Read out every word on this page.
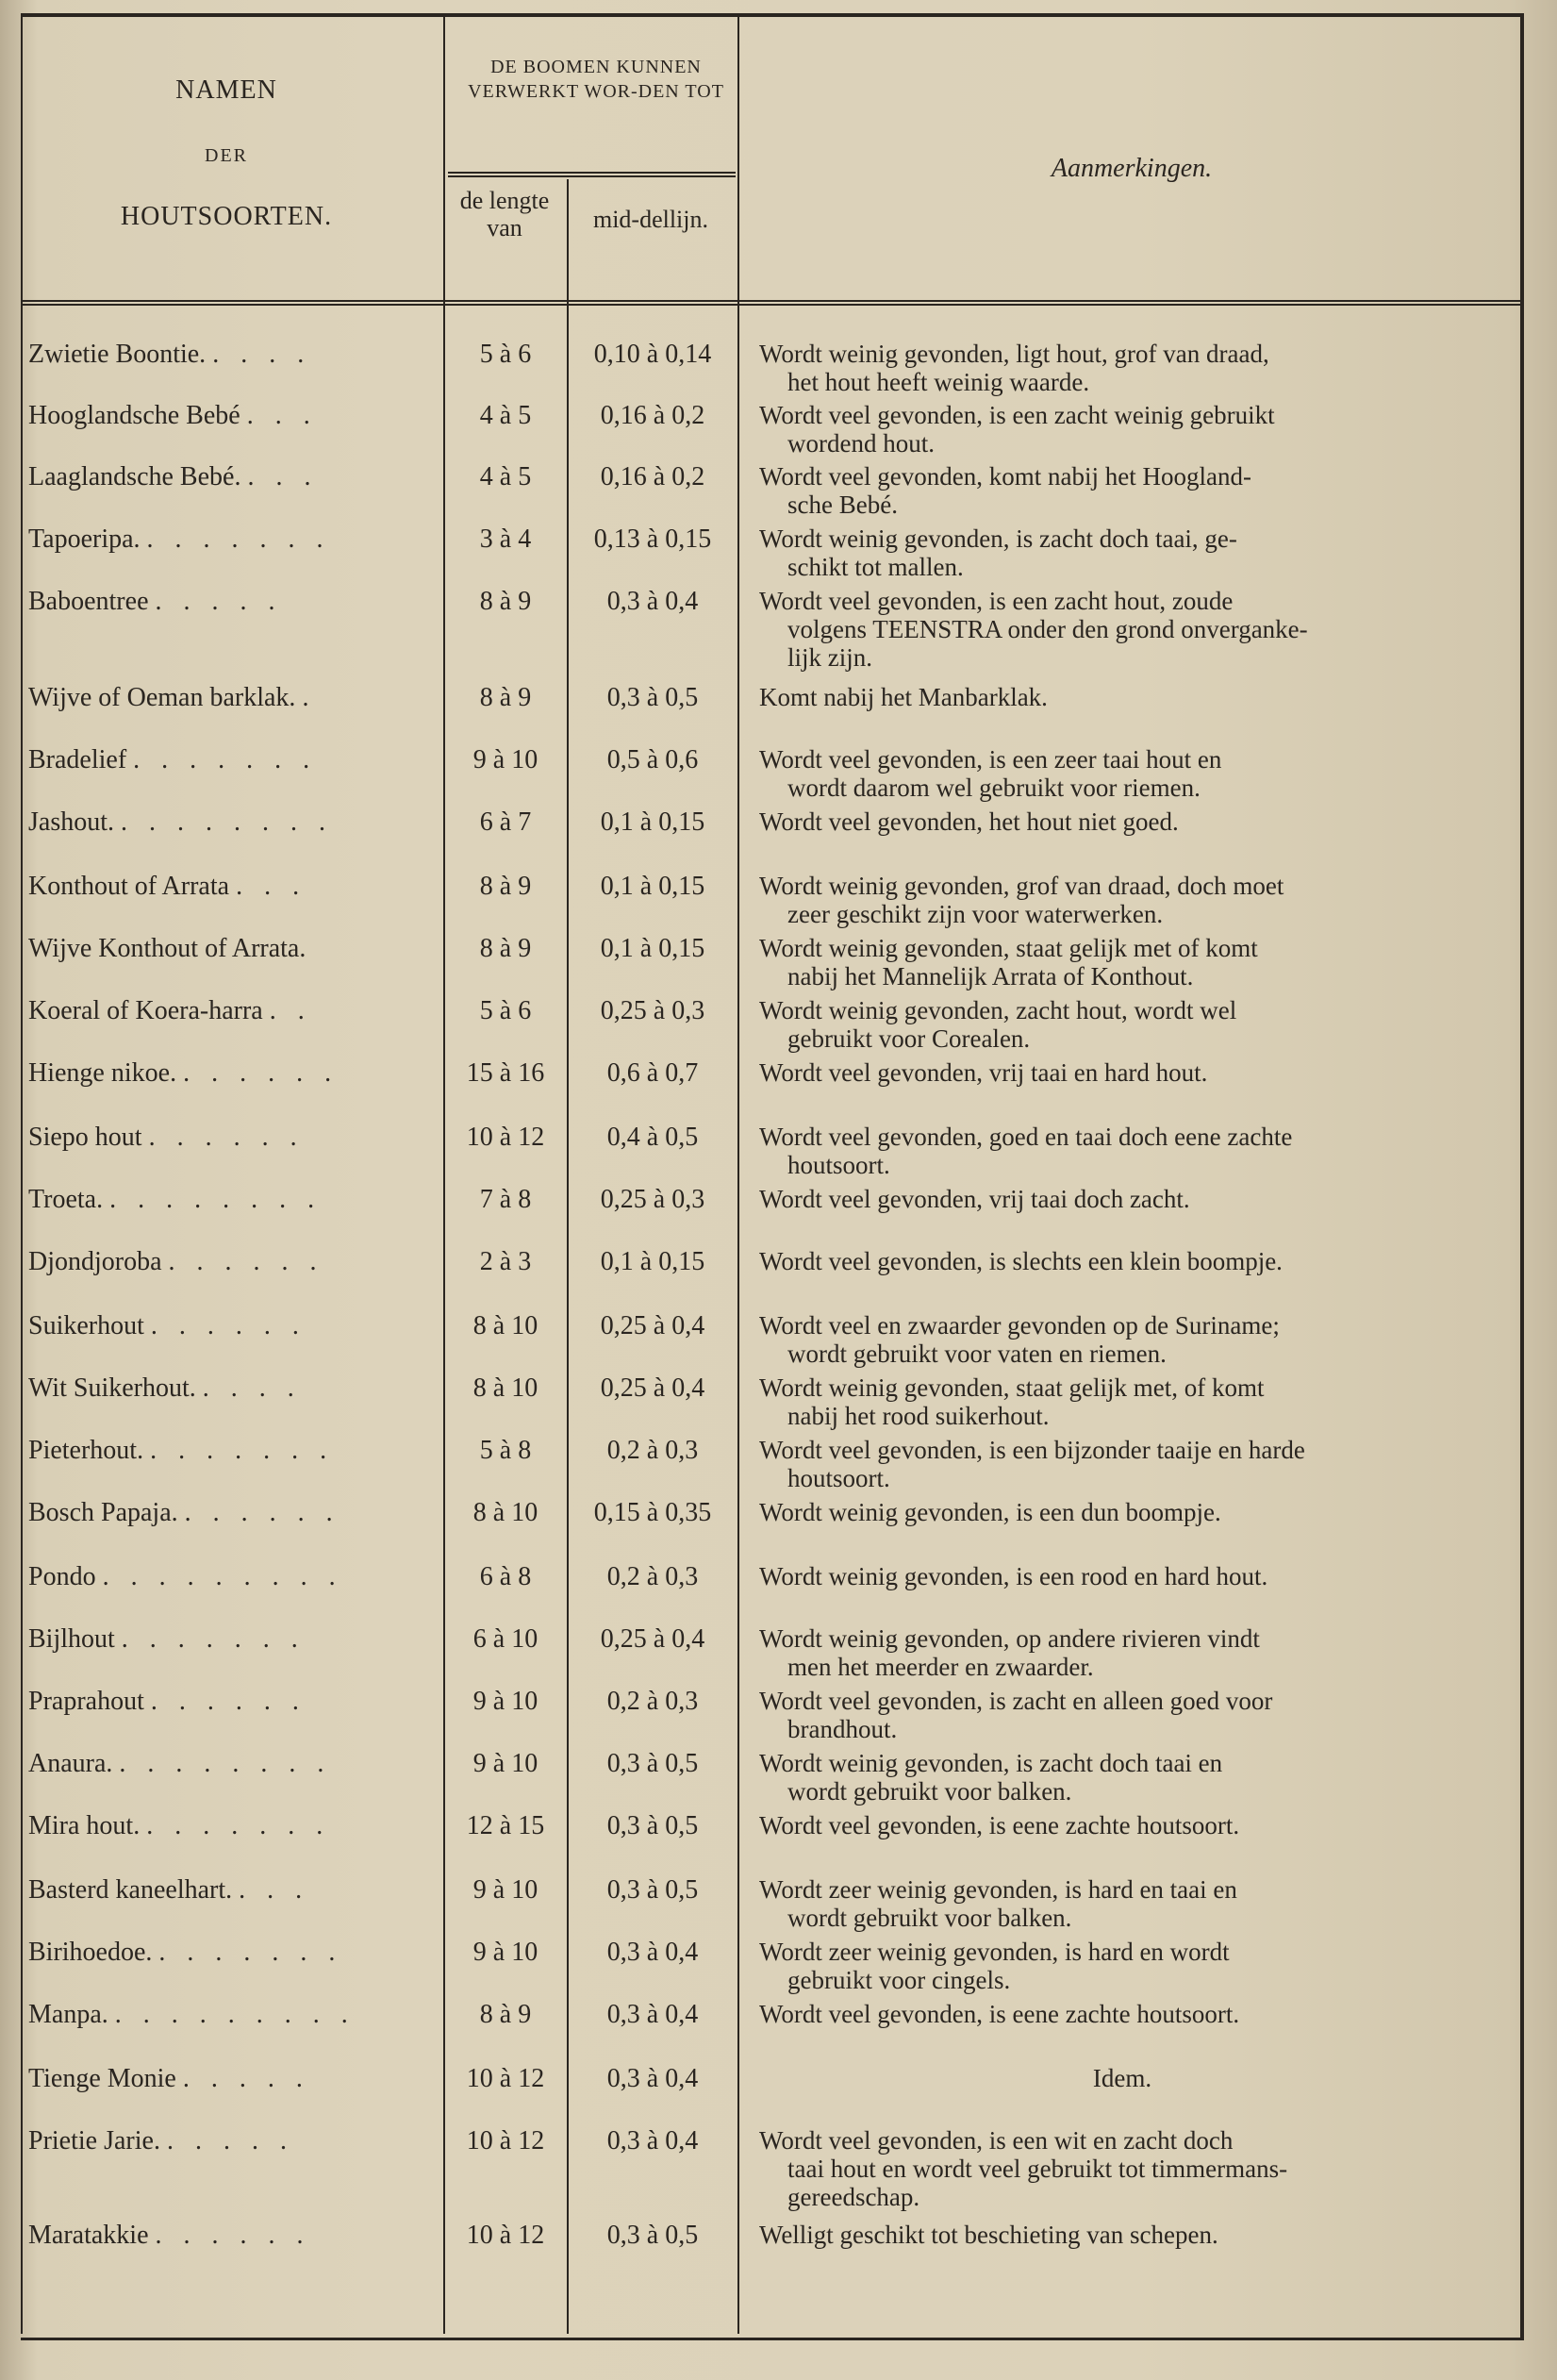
NAMEN
DER
HOUTSOORTEN.
DE BOOMEN KUNNEN VERWERKT WOR-DEN TOT
de lengte van	mid-dellijn.
Aanmerkingen.
Zwietie Boontie. . . . .	5 à 6	0,10 à 0,14	Wordt weinig gevonden, ligt hout, grof van draad,
het hout heeft weinig waarde.
Hooglandsche Bebé . . .	4 à 5	0,16 à 0,2	Wordt veel gevonden, is een zacht weinig gebruikt
wordend hout.
Laaglandsche Bebé. . . .	4 à 5	0,16 à 0,2	Wordt veel gevonden, komt nabij het Hoogland-
sche Bebé.
Tapoeripa. . . . . . . .	3 à 4	0,13 à 0,15	Wordt weinig gevonden, is zacht doch taai, ge-
schikt tot mallen.
Baboentree . . . . .	8 à 9	0,3 à 0,4	Wordt veel gevonden, is een zacht hout, zoude
volgens TEENSTRA onder den grond onverganke-
lijk zijn.
Wijve of Oeman barklak. .	8 à 9	0,3 à 0,5	Komt nabij het Manbarklak.
Bradelief . . . . . . .	9 à 10	0,5 à 0,6	Wordt veel gevonden, is een zeer taai hout en
wordt daarom wel gebruikt voor riemen.
Jashout. . . . . . . . .	6 à 7	0,1 à 0,15	Wordt veel gevonden, het hout niet goed.
Konthout of Arrata . . .	8 à 9	0,1 à 0,15	Wordt weinig gevonden, grof van draad, doch moet
zeer geschikt zijn voor waterwerken.
Wijve Konthout of Arrata.	8 à 9	0,1 à 0,15	Wordt weinig gevonden, staat gelijk met of komt
nabij het Mannelijk Arrata of Konthout.
Koeral of Koera-harra . .	5 à 6	0,25 à 0,3	Wordt weinig gevonden, zacht hout, wordt wel
gebruikt voor Corealen.
Hienge nikoe. . . . . . .	15 à 16	0,6 à 0,7	Wordt veel gevonden, vrij taai en hard hout.
Siepo hout . . . . . .	10 à 12	0,4 à 0,5	Wordt veel gevonden, goed en taai doch eene zachte
houtsoort.
Troeta. . . . . . . . .	7 à 8	0,25 à 0,3	Wordt veel gevonden, vrij taai doch zacht.
Djondjoroba . . . . . .	2 à 3	0,1 à 0,15	Wordt veel gevonden, is slechts een klein boompje.
Suikerhout . . . . . .	8 à 10	0,25 à 0,4	Wordt veel en zwaarder gevonden op de Suriname;
wordt gebruikt voor vaten en riemen.
Wit Suikerhout. . . . .	8 à 10	0,25 à 0,4	Wordt weinig gevonden, staat gelijk met, of komt
nabij het rood suikerhout.
Pieterhout. . . . . . . .	5 à 8	0,2 à 0,3	Wordt veel gevonden, is een bijzonder taaije en harde
houtsoort.
Bosch Papaja. . . . . . .	8 à 10	0,15 à 0,35	Wordt weinig gevonden, is een dun boompje.
Pondo . . . . . . . . .	6 à 8	0,2 à 0,3	Wordt weinig gevonden, is een rood en hard hout.
Bijlhout . . . . . . .	6 à 10	0,25 à 0,4	Wordt weinig gevonden, op andere rivieren vindt
men het meerder en zwaarder.
Praprahout . . . . . .	9 à 10	0,2 à 0,3	Wordt veel gevonden, is zacht en alleen goed voor
brandhout.
Anaura. . . . . . . . .	9 à 10	0,3 à 0,5	Wordt weinig gevonden, is zacht doch taai en
wordt gebruikt voor balken.
Mira hout. . . . . . . .	12 à 15	0,3 à 0,5	Wordt veel gevonden, is eene zachte houtsoort.
Basterd kaneelhart. . . .	9 à 10	0,3 à 0,5	Wordt zeer weinig gevonden, is hard en taai en
wordt gebruikt voor balken.
Birihoedoe. . . . . . . .	9 à 10	0,3 à 0,4	Wordt zeer weinig gevonden, is hard en wordt
gebruikt voor cingels.
Manpa. . . . . . . . . .	8 à 9	0,3 à 0,4	Wordt veel gevonden, is eene zachte houtsoort.
Tienge Monie . . . . .	10 à 12	0,3 à 0,4	Idem.
Prietie Jarie. . . . . .	10 à 12	0,3 à 0,4	Wordt veel gevonden, is een wit en zacht doch
taai hout en wordt veel gebruikt tot timmermans-
gereedschap.
Maratakkie . . . . . .	10 à 12	0,3 à 0,5	Welligt geschikt tot beschieting van schepen.
